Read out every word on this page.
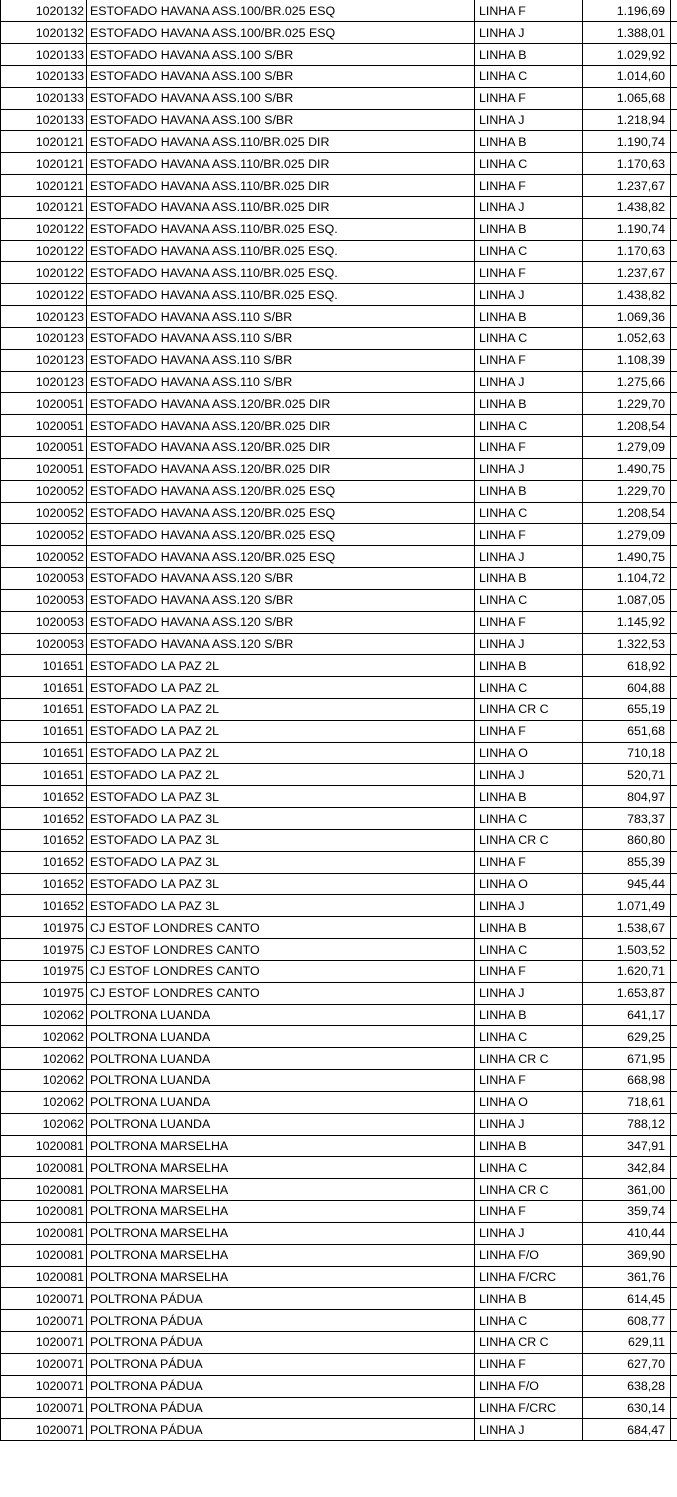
1020132	ESTOFADO HAVANA ASS.100/BR.025 ESQ	LINHA F	1.196,69	
1020132	ESTOFADO HAVANA ASS.100/BR.025 ESQ	LINHA J	1.388,01	
1020133	ESTOFADO HAVANA ASS.100 S/BR	LINHA B	1.029,92	
1020133	ESTOFADO HAVANA ASS.100 S/BR	LINHA C	1.014,60	
1020133	ESTOFADO HAVANA ASS.100 S/BR	LINHA F	1.065,68	
1020133	ESTOFADO HAVANA ASS.100 S/BR	LINHA J	1.218,94	
1020121	ESTOFADO HAVANA ASS.110/BR.025 DIR	LINHA B	1.190,74	
1020121	ESTOFADO HAVANA ASS.110/BR.025 DIR	LINHA C	1.170,63	
1020121	ESTOFADO HAVANA ASS.110/BR.025 DIR	LINHA F	1.237,67	
1020121	ESTOFADO HAVANA ASS.110/BR.025 DIR	LINHA J	1.438,82	
1020122	ESTOFADO HAVANA ASS.110/BR.025 ESQ.	LINHA B	1.190,74	
1020122	ESTOFADO HAVANA ASS.110/BR.025 ESQ.	LINHA C	1.170,63	
1020122	ESTOFADO HAVANA ASS.110/BR.025 ESQ.	LINHA F	1.237,67	
1020122	ESTOFADO HAVANA ASS.110/BR.025 ESQ.	LINHA J	1.438,82	
1020123	ESTOFADO HAVANA ASS.110 S/BR	LINHA B	1.069,36	
1020123	ESTOFADO HAVANA ASS.110 S/BR	LINHA C	1.052,63	
1020123	ESTOFADO HAVANA ASS.110 S/BR	LINHA F	1.108,39	
1020123	ESTOFADO HAVANA ASS.110 S/BR	LINHA J	1.275,66	
1020051	ESTOFADO HAVANA ASS.120/BR.025 DIR	LINHA B	1.229,70	
1020051	ESTOFADO HAVANA ASS.120/BR.025 DIR	LINHA C	1.208,54	
1020051	ESTOFADO HAVANA ASS.120/BR.025 DIR	LINHA F	1.279,09	
1020051	ESTOFADO HAVANA ASS.120/BR.025 DIR	LINHA J	1.490,75	
1020052	ESTOFADO HAVANA ASS.120/BR.025 ESQ	LINHA B	1.229,70	
1020052	ESTOFADO HAVANA ASS.120/BR.025 ESQ	LINHA C	1.208,54	
1020052	ESTOFADO HAVANA ASS.120/BR.025 ESQ	LINHA F	1.279,09	
1020052	ESTOFADO HAVANA ASS.120/BR.025 ESQ	LINHA J	1.490,75	
1020053	ESTOFADO HAVANA ASS.120 S/BR	LINHA B	1.104,72	
1020053	ESTOFADO HAVANA ASS.120 S/BR	LINHA C	1.087,05	
1020053	ESTOFADO HAVANA ASS.120 S/BR	LINHA F	1.145,92	
1020053	ESTOFADO HAVANA ASS.120 S/BR	LINHA J	1.322,53	
101651	ESTOFADO LA PAZ 2L	LINHA B	618,92	
101651	ESTOFADO LA PAZ 2L	LINHA C	604,88	
101651	ESTOFADO LA PAZ 2L	LINHA CR C	655,19	
101651	ESTOFADO LA PAZ 2L	LINHA F	651,68	
101651	ESTOFADO LA PAZ 2L	LINHA O	710,18	
101651	ESTOFADO LA PAZ 2L	LINHA J	520,71	
101652	ESTOFADO LA PAZ 3L	LINHA B	804,97	
101652	ESTOFADO LA PAZ 3L	LINHA C	783,37	
101652	ESTOFADO LA PAZ 3L	LINHA CR C	860,80	
101652	ESTOFADO LA PAZ 3L	LINHA F	855,39	
101652	ESTOFADO LA PAZ 3L	LINHA O	945,44	
101652	ESTOFADO LA PAZ 3L	LINHA J	1.071,49	
101975	CJ ESTOF LONDRES CANTO	LINHA B	1.538,67	
101975	CJ ESTOF LONDRES CANTO	LINHA C	1.503,52	
101975	CJ ESTOF LONDRES CANTO	LINHA F	1.620,71	
101975	CJ ESTOF LONDRES CANTO	LINHA J	1.653,87	
102062	POLTRONA LUANDA	LINHA B	641,17	
102062	POLTRONA LUANDA	LINHA C	629,25	
102062	POLTRONA LUANDA	LINHA CR C	671,95	
102062	POLTRONA LUANDA	LINHA F	668,98	
102062	POLTRONA LUANDA	LINHA O	718,61	
102062	POLTRONA LUANDA	LINHA J	788,12	
1020081	POLTRONA MARSELHA	LINHA B	347,91	
1020081	POLTRONA MARSELHA	LINHA C	342,84	
1020081	POLTRONA MARSELHA	LINHA CR C	361,00	
1020081	POLTRONA MARSELHA	LINHA F	359,74	
1020081	POLTRONA MARSELHA	LINHA J	410,44	
1020081	POLTRONA MARSELHA	LINHA F/O	369,90	
1020081	POLTRONA MARSELHA	LINHA F/CRC	361,76	
1020071	POLTRONA PÁDUA	LINHA B	614,45	
1020071	POLTRONA PÁDUA	LINHA C	608,77	
1020071	POLTRONA PÁDUA	LINHA CR C	629,11	
1020071	POLTRONA PÁDUA	LINHA F	627,70	
1020071	POLTRONA PÁDUA	LINHA F/O	638,28	
1020071	POLTRONA PÁDUA	LINHA F/CRC	630,14	
1020071	POLTRONA PÁDUA	LINHA J	684,47	
